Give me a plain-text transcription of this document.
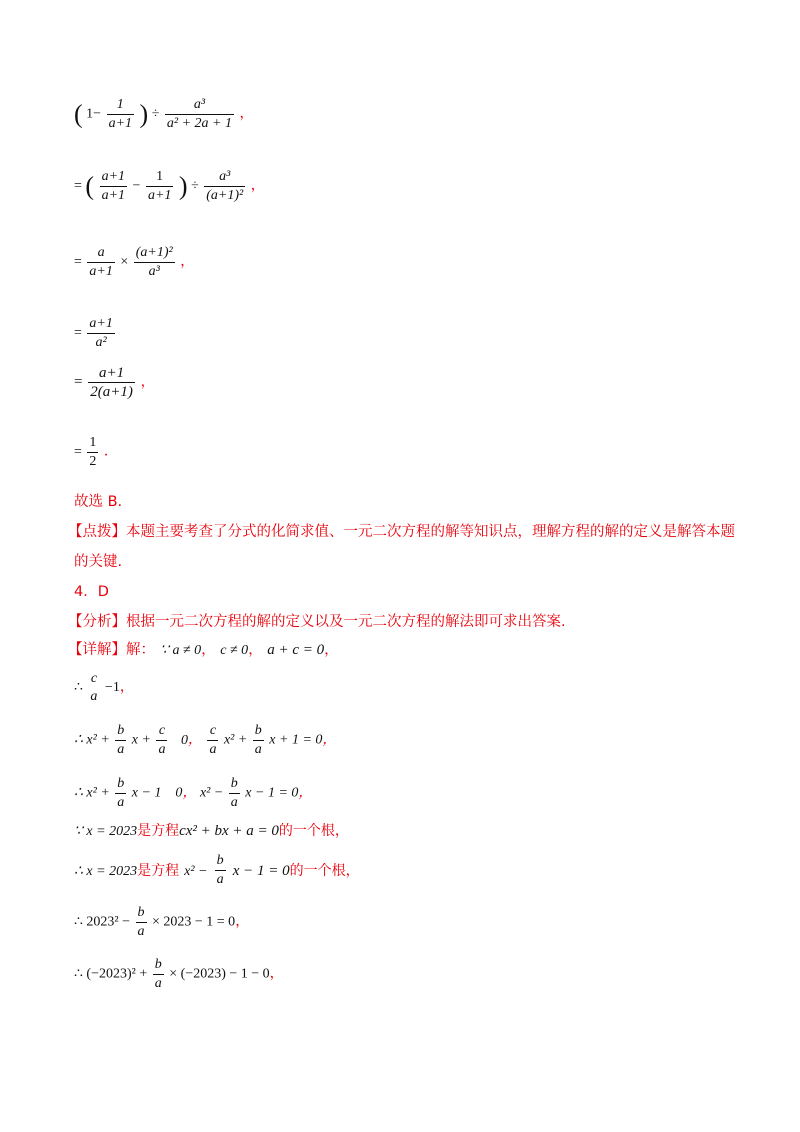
( $1- \frac{1}{a+1}$ ) ÷ $\frac{\text{a³}}{\text{a² + 2a + 1}}$ ，
= ( $\frac{a+1}{a+1} - \frac{1}{a+1}$ ) ÷ $\frac{\text{a³}}{\text{(a+1)²}}$ ，
= $\frac{a}{a+1} \times \frac{\text{(a+1)²}}{\text{a³}}$ ，
= $\frac{a+1}{\text{a²}}$
= $\frac{a+1}{2(a+1)}$ ，
= $\frac{1}{2}$ ．
故选 B.
【点拨】本题主要考查了分式的化简求值、一元二次方程的解等知识点，理解方程的解的定义是解答本题
的关键.
4．D
【分析】根据一元二次方程的解的定义以及一元二次方程的解法即可求出答案.
【详解】解： ∵ a ≠ 0， c ≠ 0， a + c = 0，
∴
c
a
−1，
∴ $x^2 + \frac{b}{a}$ $x + \frac{c}{a} 0$， $\frac{c}{a} x^2 + \frac{b}{a}$ x + 1 = 0，
∴ $x^2 + \frac{b}{a}$ x − 1　0， $x^2 - \frac{b}{a}$ x − 1 = 0，
∵ x = 2023是方程cx² + bx + a = 0的一个根，
∴ x = 2023是方程 $x^2 - \frac{b}{a}$ x − 1 = 0的一个根，
∴ $2023^2 - \frac{b}{a} \times 2023 - 1 = 0$，
∴ $(-2023)^2 + \frac{b}{a} \times (-2023) - 1 - 0$，
